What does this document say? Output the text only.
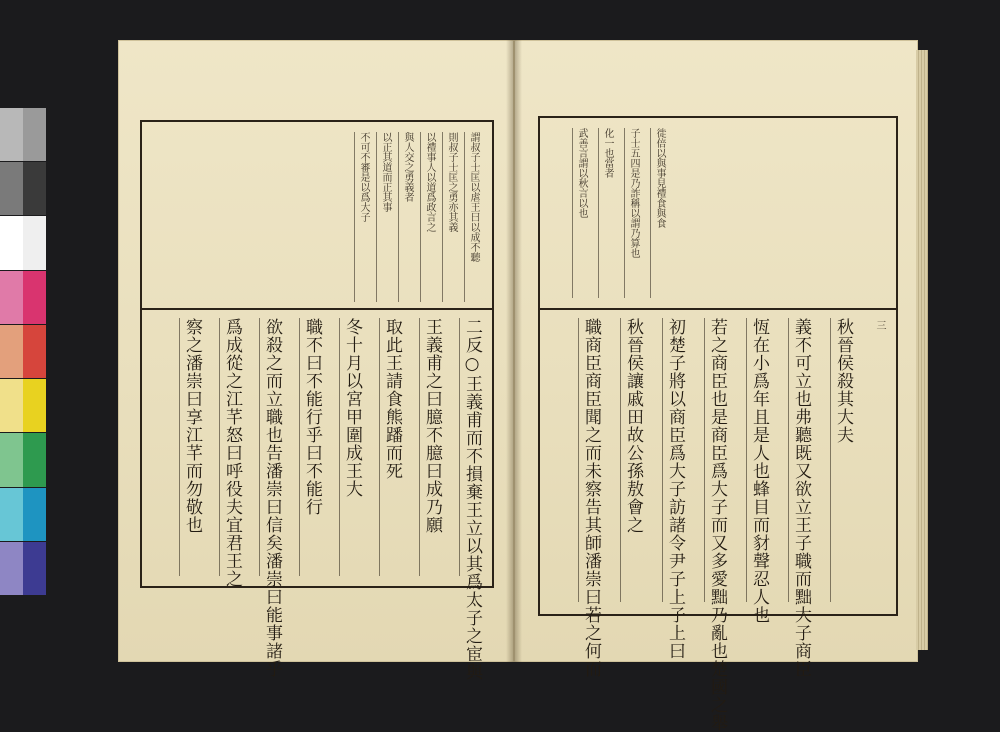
謂叔子士匡以虐王曰以成不聽
則叔子士匡之勇亦其義
以禮事人以道爲政言之
與人交之勇義者
以正其道而正其事
不可不審是以爲大子
二反○王義甫而不損棄王立以其爲太子之宦與
王義甫之曰臆不臆曰成乃願
取此王請食熊蹯而死
冬十月以宮甲圍成王大
職不曰不能行乎曰不能行
欲殺之而立職也告潘崇曰信矣潘崇曰能事諸乎
爲成從之江芊怒曰呼役夫宜君王之
察之潘崇曰享江芊而勿敬也
徙倍以與事見禮食與食
子士五四是乃詐稱以謂乃算也
化一也當者
武善言謂以秋言以也
秋晉侯殺其大夫
義不可立也弗聽既又欲立王子職而黜大子商臣
恆在小爲年且是人也蜂目而豺聲忍人也
若之商臣也是商臣爲大子而又多愛黜乃亂也楚國之舉
初楚子將以商臣爲大子訪諸令尹子上子上曰
秋晉侯讓戚田故公孫敖會之
職商臣商臣聞之而未察告其師潘崇曰若之何而	三
